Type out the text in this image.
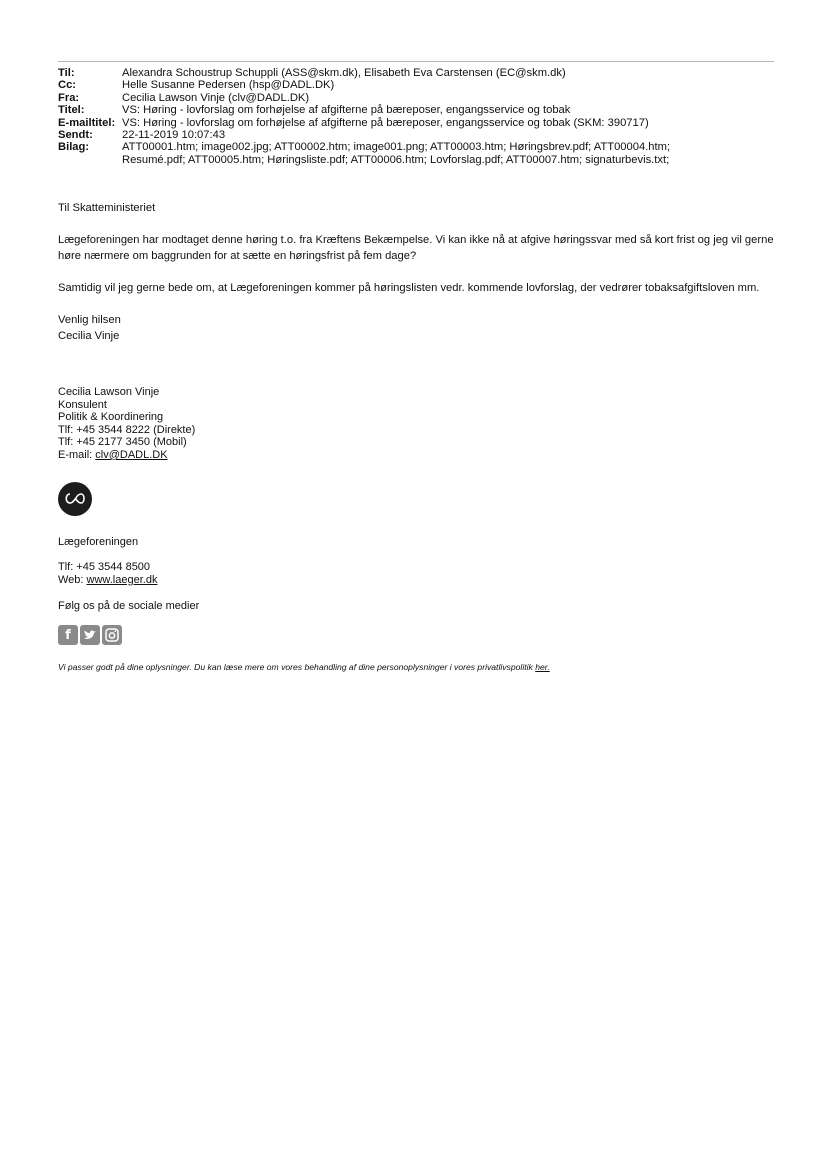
Til:	Alexandra Schoustrup Schuppli (ASS@skm.dk), Elisabeth Eva Carstensen (EC@skm.dk)
Cc:	Helle Susanne Pedersen (hsp@DADL.DK)
Fra:	Cecilia Lawson Vinje (clv@DADL.DK)
Titel:	VS: Høring - lovforslag om forhøjelse af afgifterne på bæreposer, engangsservice og tobak
E-mailtitel: VS: Høring - lovforslag om forhøjelse af afgifterne på bæreposer, engangsservice og tobak (SKM: 390717)
Sendt:	22-11-2019 10:07:43
Bilag:	ATT00001.htm; image002.jpg; ATT00002.htm; image001.png; ATT00003.htm; Høringsbrev.pdf; ATT00004.htm;
Resumé.pdf; ATT00005.htm; Høringsliste.pdf; ATT00006.htm; Lovforslag.pdf; ATT00007.htm; signaturbevis.txt;

Til Skatteministeriet

Lægeforeningen har modtaget denne høring t.o. fra Kræftens Bekæmpelse. Vi kan ikke nå at afgive høringssvar med så kort frist og jeg vil gerne høre nærmere om baggrunden for at sætte en høringsfrist på fem dage?

Samtidig vil jeg gerne bede om, at Lægeforeningen kommer på høringslisten vedr. kommende lovforslag, der vedrører tobaksafgiftsloven mm.

Venlig hilsen
Cecilia Vinje

Cecilia Lawson Vinje
Konsulent
Politik & Koordinering
Tlf: +45 3544 8222 (Direkte)
Tlf: +45 2177 3450 (Mobil)
E-mail: clv@DADL.DK
Lægeforeningen
Tlf: +45 3544 8500
Web: www.laeger.dk
Følg os på de sociale medier
f
Vi passer godt på dine oplysninger. Du kan læse mere om vores behandling af dine personoplysninger i vores privatlivspolitik her.
